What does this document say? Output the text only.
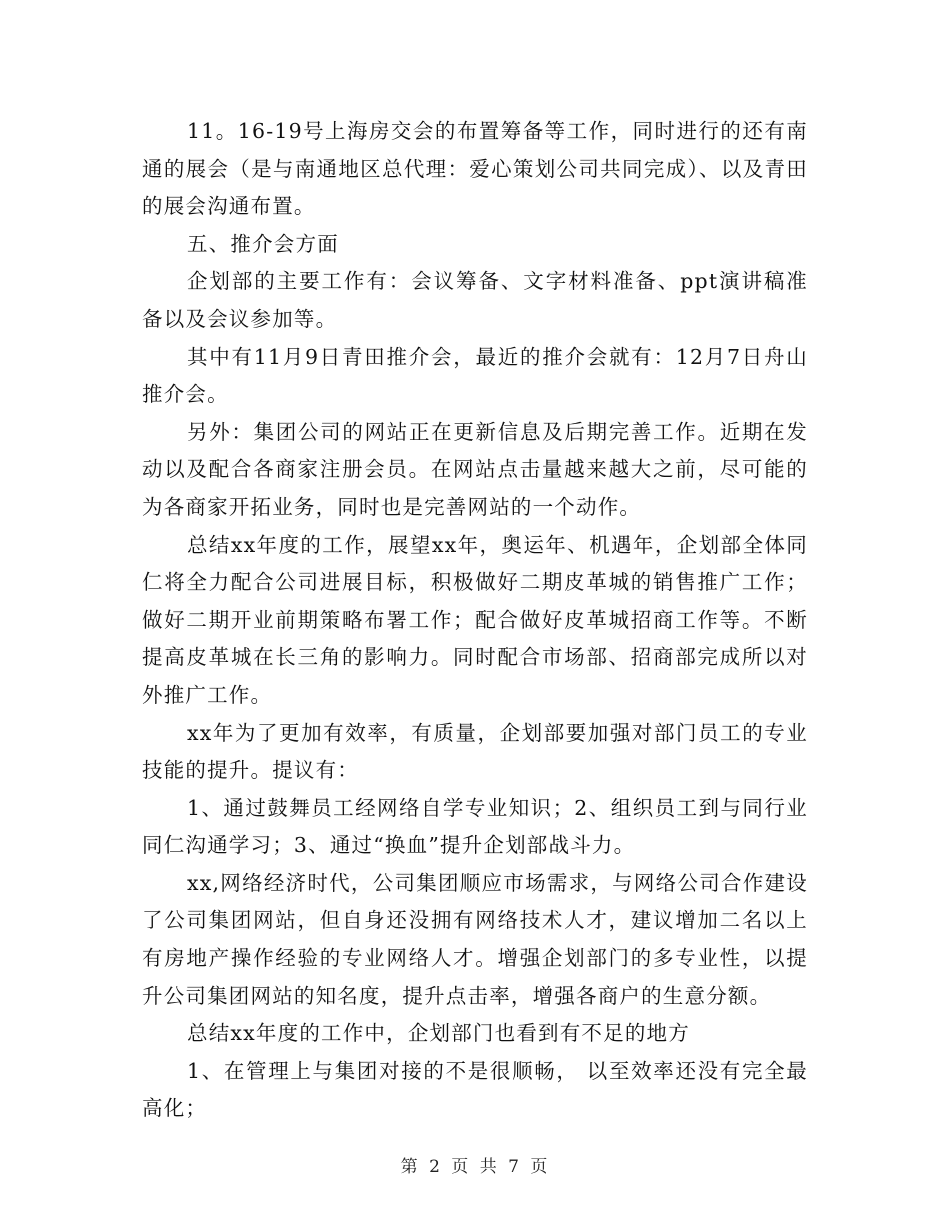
11。16-19号上海房交会的布置筹备等工作，同时进行的还有南通的展会（是与南通地区总代理：爱心策划公司共同完成）、以及青田的展会沟通布置。

五、推介会方面

企划部的主要工作有：会议筹备、文字材料准备、ppt演讲稿准备以及会议参加等。

其中有11月9日青田推介会，最近的推介会就有：12月7日舟山推介会。

另外：集团公司的网站正在更新信息及后期完善工作。近期在发动以及配合各商家注册会员。在网站点击量越来越大之前，尽可能的为各商家开拓业务，同时也是完善网站的一个动作。

总结xx年度的工作，展望xx年，奥运年、机遇年，企划部全体同仁将全力配合公司进展目标，积极做好二期皮革城的销售推广工作；做好二期开业前期策略布署工作；配合做好皮革城招商工作等。不断提高皮革城在长三角的影响力。同时配合市场部、招商部完成所以对外推广工作。

xx年为了更加有效率，有质量，企划部要加强对部门员工的专业技能的提升。提议有：

1、通过鼓舞员工经网络自学专业知识；2、组织员工到与同行业同仁沟通学习；3、通过“换血”提升企划部战斗力。

xx,网络经济时代，公司集团顺应市场需求，与网络公司合作建设了公司集团网站，但自身还没拥有网络技术人才，建议增加二名以上有房地产操作经验的专业网络人才。增强企划部门的多专业性，以提升公司集团网站的知名度，提升点击率，增强各商户的生意分额。

总结xx年度的工作中，企划部门也看到有不足的地方

1、在管理上与集团对接的不是很顺畅， 以至效率还没有完全最高化；

第 2 页 共 7 页
